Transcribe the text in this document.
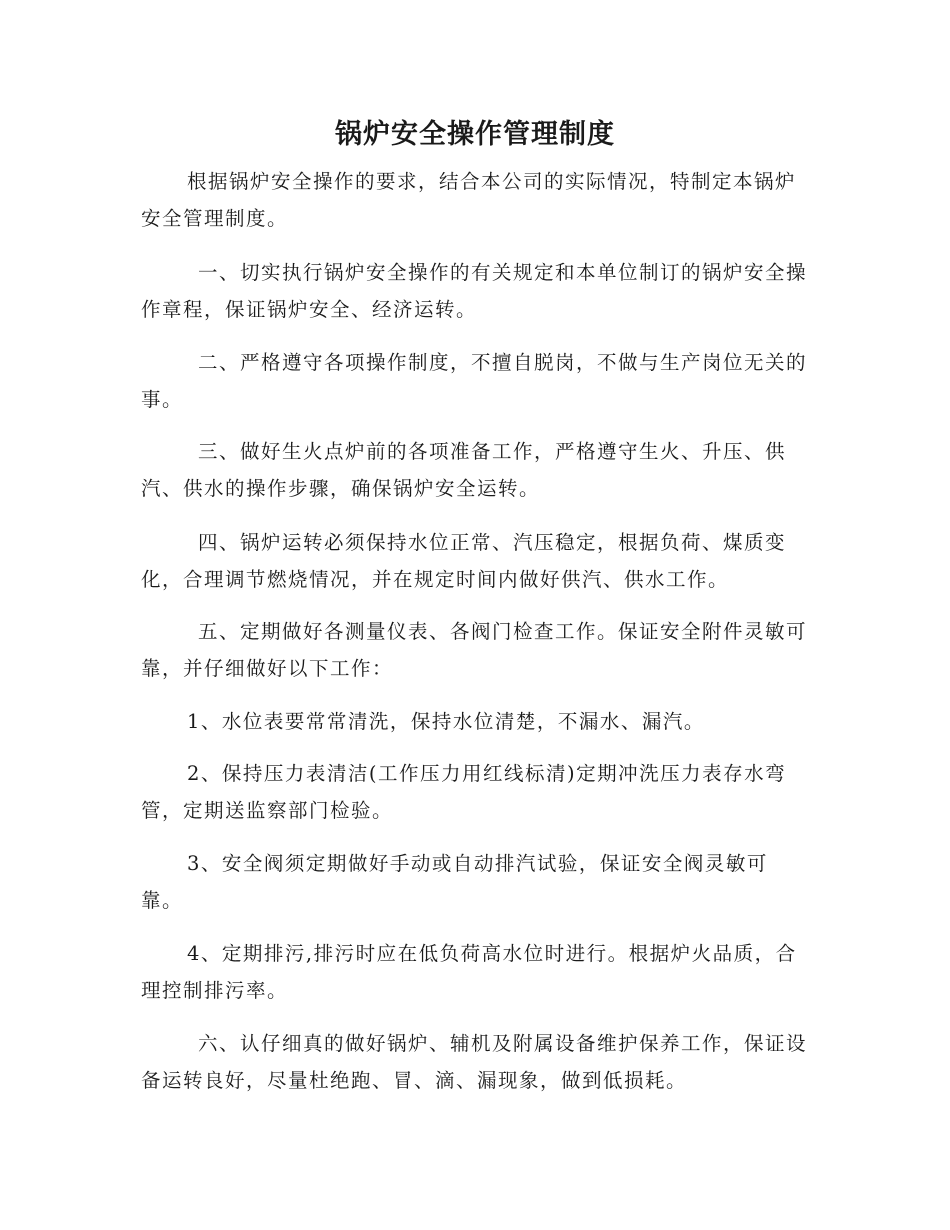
锅炉安全操作管理制度

根据锅炉安全操作的要求，结合本公司的实际情况，特制定本锅炉安全管理制度。

一、切实执行锅炉安全操作的有关规定和本单位制订的锅炉安全操作章程，保证锅炉安全、经济运转。

二、严格遵守各项操作制度，不擅自脱岗，不做与生产岗位无关的事。

三、做好生火点炉前的各项准备工作，严格遵守生火、升压、供汽、供水的操作步骤，确保锅炉安全运转。

四、锅炉运转必须保持水位正常、汽压稳定，根据负荷、煤质变化，合理调节燃烧情况，并在规定时间内做好供汽、供水工作。

五、定期做好各测量仪表、各阀门检查工作。保证安全附件灵敏可靠，并仔细做好以下工作：

1、水位表要常常清洗，保持水位清楚，不漏水、漏汽。

2、保持压力表清洁(工作压力用红线标清)定期冲洗压力表存水弯管，定期送监察部门检验。

3、安全阀须定期做好手动或自动排汽试验，保证安全阀灵敏可靠。

4、定期排污,排污时应在低负荷高水位时进行。根据炉火品质，合理控制排污率。

六、认仔细真的做好锅炉、辅机及附属设备维护保养工作，保证设备运转良好，尽量杜绝跑、冒、滴、漏现象，做到低损耗。
